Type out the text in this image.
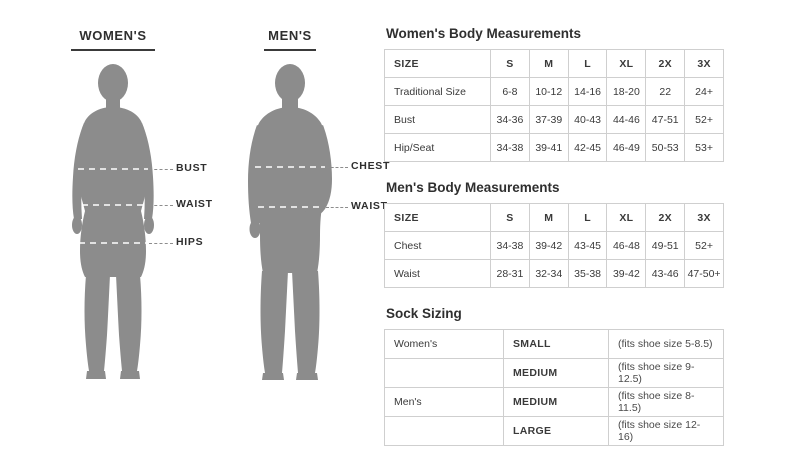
WOMEN'S
BUST
WAIST
HIPS
MEN'S
CHEST
WAIST
Women's Body Measurements
SIZE	S	M	L	XL	2X	3X
Traditional Size	6-8	10-12	14-16	18-20	22	24+
Bust	34-36	37-39	40-43	44-46	47-51	52+
Hip/Seat	34-38	39-41	42-45	46-49	50-53	53+
Men's Body Measurements
SIZE	S	M	L	XL	2X	3X
Chest	34-38	39-42	43-45	46-48	49-51	52+
Waist	28-31	32-34	35-38	39-42	43-46	47-50+
Sock Sizing
Women's	SMALL	(fits shoe size 5-8.5)
	MEDIUM	(fits shoe size 9-12.5)
Men's	MEDIUM	(fits shoe size 8-11.5)
	LARGE	(fits shoe size 12-16)
